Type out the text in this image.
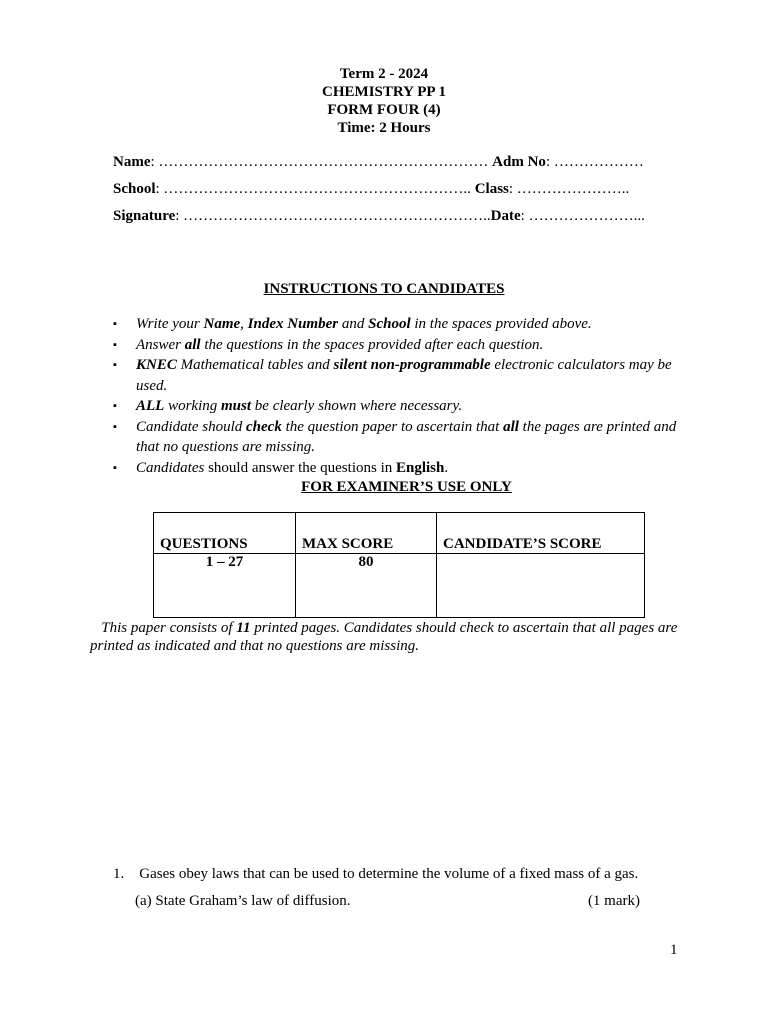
Term 2 - 2024
CHEMISTRY PP 1
FORM FOUR (4)
Time: 2 Hours
Name: ………………………………………………………… Adm No: ………………
School: …………………………………………………….. Class: …………………..
Signature: ……………………………………………………..Date: …………………...
INSTRUCTIONS TO CANDIDATES
▪ Write your Name, Index Number and School in the spaces provided above.
▪ Answer all the questions in the spaces provided after each question.
▪ KNEC Mathematical tables and silent non-programmable electronic calculators may be used.
▪ ALL working must be clearly shown where necessary.
▪ Candidate should check the question paper to ascertain that all the pages are printed and that no questions are missing.
▪ Candidates should answer the questions in English.
FOR EXAMINER’S USE ONLY
QUESTIONS	MAX SCORE	CANDIDATE’S SCORE
1 – 27	80	
This paper consists of 11 printed pages. Candidates should check to ascertain that all pages are printed as indicated and that no questions are missing.
1. Gases obey laws that can be used to determine the volume of a fixed mass of a gas.
(a) State Graham’s law of diffusion.	(1 mark)
1
